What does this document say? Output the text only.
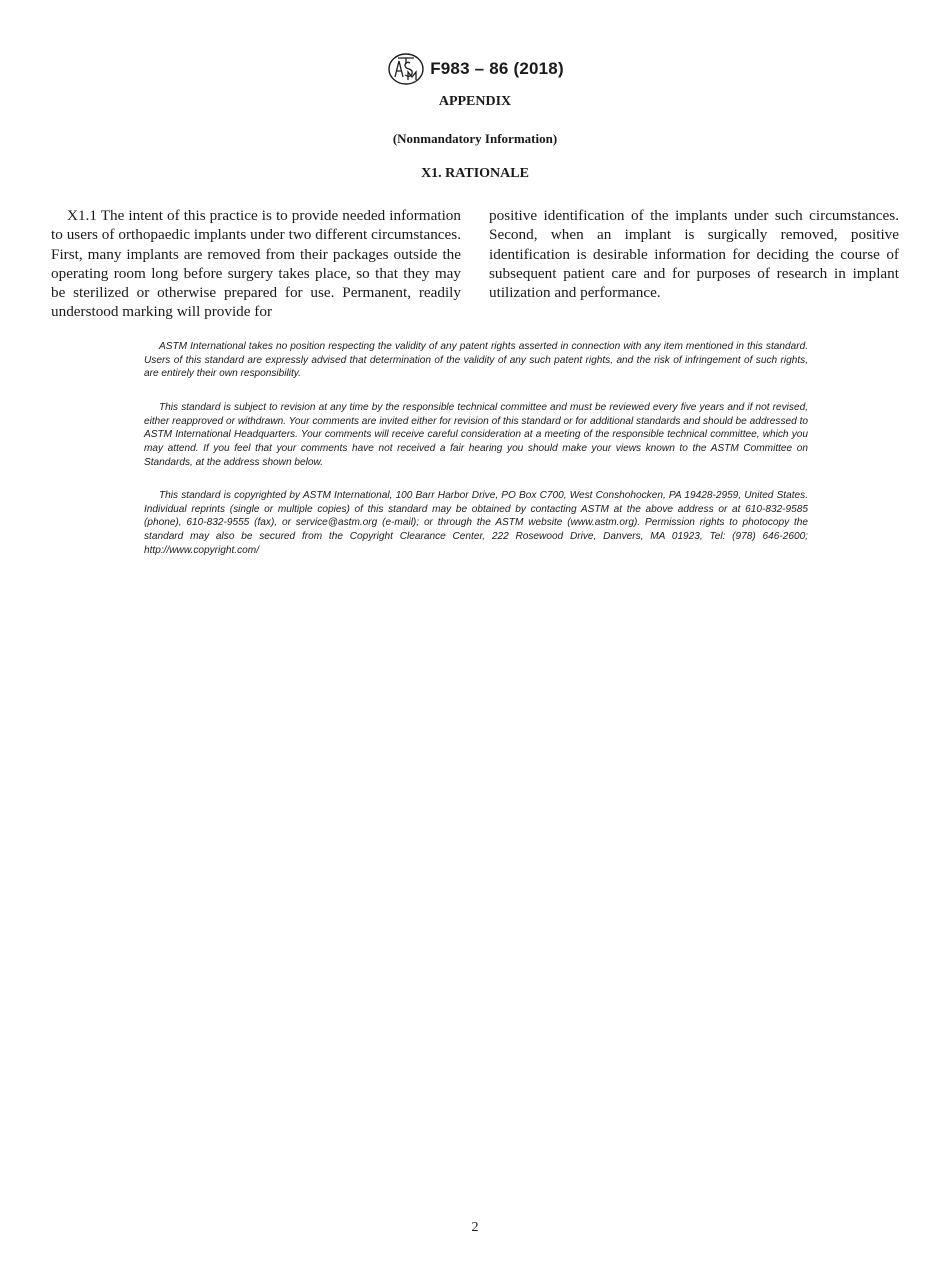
F983 – 86 (2018)
APPENDIX
(Nonmandatory Information)
X1. RATIONALE
X1.1 The intent of this practice is to provide needed information to users of orthopaedic implants under two different circumstances. First, many implants are removed from their packages outside the operating room long before surgery takes place, so that they may be sterilized or otherwise prepared for use. Permanent, readily understood marking will provide for
positive identification of the implants under such circumstances. Second, when an implant is surgically removed, positive identification is desirable information for deciding the course of subsequent patient care and for purposes of research in implant utilization and performance.
ASTM International takes no position respecting the validity of any patent rights asserted in connection with any item mentioned in this standard. Users of this standard are expressly advised that determination of the validity of any such patent rights, and the risk of infringement of such rights, are entirely their own responsibility.
This standard is subject to revision at any time by the responsible technical committee and must be reviewed every five years and if not revised, either reapproved or withdrawn. Your comments are invited either for revision of this standard or for additional standards and should be addressed to ASTM International Headquarters. Your comments will receive careful consideration at a meeting of the responsible technical committee, which you may attend. If you feel that your comments have not received a fair hearing you should make your views known to the ASTM Committee on Standards, at the address shown below.
This standard is copyrighted by ASTM International, 100 Barr Harbor Drive, PO Box C700, West Conshohocken, PA 19428-2959, United States. Individual reprints (single or multiple copies) of this standard may be obtained by contacting ASTM at the above address or at 610-832-9585 (phone), 610-832-9555 (fax), or service@astm.org (e-mail); or through the ASTM website (www.astm.org). Permission rights to photocopy the standard may also be secured from the Copyright Clearance Center, 222 Rosewood Drive, Danvers, MA 01923, Tel: (978) 646-2600; http://www.copyright.com/
2
